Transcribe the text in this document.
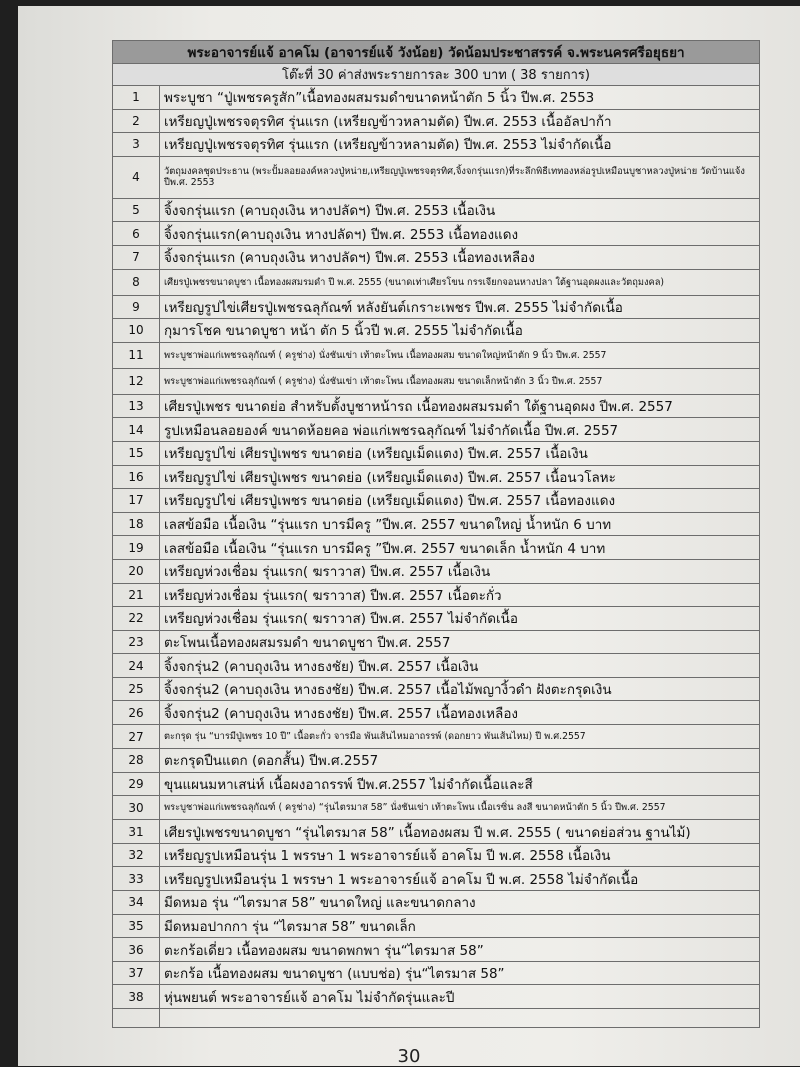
พระอาจารย์แจ้ อาคโม (อาจารย์แจ้ วังน้อย) วัดน้อมประชาสรรค์ จ.พระนครศรีอยุธยา	
โต๊ะที่ 30 ค่าส่งพระรายการละ 300 บาท ( 38 รายการ)	
1	พระบูชา “ปู่เพชรครูสัก”เนื้อทองผสมรมดำขนาดหน้าตัก 5 นิ้ว ปีพ.ศ. 2553
2	เหรียญปู่เพชรจตุรทิศ รุ่นแรก (เหรียญข้าวหลามตัด) ปีพ.ศ. 2553 เนื้ออัลปาก้า
3	เหรียญปู่เพชรจตุรทิศ รุ่นแรก (เหรียญข้าวหลามตัด) ปีพ.ศ. 2553 ไม่จำกัดเนื้อ
4	วัตถุมงคลชุดประธาน (พระปั้มลอยองค์หลวงปู่หน่าย,เหรียญปู่เพชรจตุรทิศ,จิ้งจกรุ่นแรก)ที่ระลึกพิธีเททองหล่อรูปเหมือนบูชาหลวงปู่หน่าย วัดบ้านแจ้ง ปีพ.ศ. 2553
5	จิ้งจกรุ่นแรก (คาบถุงเงิน หางปลัดฯ) ปีพ.ศ. 2553 เนื้อเงิน
6	จิ้งจกรุ่นแรก(คาบถุงเงิน หางปลัดฯ) ปีพ.ศ. 2553 เนื้อทองแดง
7	จิ้งจกรุ่นแรก (คาบถุงเงิน หางปลัดฯ) ปีพ.ศ. 2553 เนื้อทองเหลือง
8	เศียรปู่เพชรขนาดบูชา เนื้อทองผสมรมดำ ปี พ.ศ. 2555 (ขนาดเท่าเศียรโขน กรรเจียกจอนหางปลา ใต้ฐานอุดผงและวัตถุมงคล)
9	เหรียญรูปไข่เศียรปู่เพชรฉลุกัณฑ์ หลังยันต์เกราะเพชร ปีพ.ศ. 2555 ไม่จำกัดเนื้อ
10	กุมารโชค ขนาดบูชา หน้า ตัก 5 นิ้วปี พ.ศ. 2555 ไม่จำกัดเนื้อ
11	พระบูชาพ่อแก่เพชรฉลุกัณฑ์ ( ครูช่าง) นั่งชันเข่า เท้าตะโพน เนื้อทองผสม ขนาดใหญ่หน้าตัก 9 นิ้ว ปีพ.ศ. 2557
12	พระบูชาพ่อแก่เพชรฉลุกัณฑ์ ( ครูช่าง) นั่งชันเข่า เท้าตะโพน เนื้อทองผสม ขนาดเล็กหน้าตัก 3 นิ้ว ปีพ.ศ. 2557
13	เศียรปู่เพชร ขนาดย่อ สำหรับตั้งบูชาหน้ารถ เนื้อทองผสมรมดำ ใต้ฐานอุดผง ปีพ.ศ. 2557
14	รูปเหมือนลอยองค์ ขนาดห้อยคอ พ่อแก่เพชรฉลุกัณฑ์ ไม่จำกัดเนื้อ ปีพ.ศ. 2557
15	เหรียญรูปไข่ เศียรปู่เพชร ขนาดย่อ (เหรียญเม็ดแตง) ปีพ.ศ. 2557 เนื้อเงิน
16	เหรียญรูปไข่ เศียรปู่เพชร ขนาดย่อ (เหรียญเม็ดแตง) ปีพ.ศ. 2557 เนื้อนวโลหะ
17	เหรียญรูปไข่ เศียรปู่เพชร ขนาดย่อ (เหรียญเม็ดแตง) ปีพ.ศ. 2557 เนื้อทองแดง
18	เลสข้อมือ เนื้อเงิน “รุ่นแรก บารมีครู ”ปีพ.ศ. 2557 ขนาดใหญ่ น้ำหนัก 6 บาท
19	เลสข้อมือ เนื้อเงิน “รุ่นแรก บารมีครู ”ปีพ.ศ. 2557 ขนาดเล็ก น้ำหนัก 4 บาท
20	เหรียญห่วงเชื่อม รุ่นแรก( ฆราวาส) ปีพ.ศ. 2557 เนื้อเงิน
21	เหรียญห่วงเชื่อม รุ่นแรก( ฆราวาส) ปีพ.ศ. 2557 เนื้อตะกั่ว
22	เหรียญห่วงเชื่อม รุ่นแรก( ฆราวาส) ปีพ.ศ. 2557 ไม่จำกัดเนื้อ
23	ตะโพนเนื้อทองผสมรมดำ ขนาดบูชา ปีพ.ศ. 2557
24	จิ้งจกรุ่น2 (คาบถุงเงิน หางธงชัย) ปีพ.ศ. 2557 เนื้อเงิน
25	จิ้งจกรุ่น2 (คาบถุงเงิน หางธงชัย) ปีพ.ศ. 2557 เนื้อไม้พญางิ้วดำ ฝังตะกรุดเงิน
26	จิ้งจกรุ่น2 (คาบถุงเงิน หางธงชัย) ปีพ.ศ. 2557 เนื้อทองเหลือง
27	ตะกรุด รุ่น “บารมีปู่เพชร 10 ปี” เนื้อตะกั่ว จารมือ พันเส้นไหมอาถรรพ์ (ดอกยาว พันเส้นไหม) ปี พ.ศ.2557
28	ตะกรุดปืนแตก (ดอกสั้น) ปีพ.ศ.2557
29	ขุนแผนมหาเสน่ห์ เนื้อผงอาถรรพ์ ปีพ.ศ.2557 ไม่จำกัดเนื้อและสี
30	พระบูชาพ่อแก่เพชรฉลุกัณฑ์ ( ครูช่าง) “รุ่นไตรมาส 58” นั่งชันเข่า เท้าตะโพน เนื้อเรซิ่น ลงสี ขนาดหน้าตัก 5 นิ้ว ปีพ.ศ. 2557
31	เศียรปู่เพชรขนาดบูชา “รุ่นไตรมาส 58” เนื้อทองผสม ปี พ.ศ. 2555 ( ขนาดย่อส่วน ฐานไม้)
32	เหรียญรูปเหมือนรุ่น 1 พรรษา 1 พระอาจารย์แจ้ อาคโม ปี พ.ศ. 2558 เนื้อเงิน
33	เหรียญรูปเหมือนรุ่น 1 พรรษา 1 พระอาจารย์แจ้ อาคโม ปี พ.ศ. 2558 ไม่จำกัดเนื้อ
34	มีดหมอ รุ่น “ไตรมาส 58” ขนาดใหญ่ และขนาดกลาง
35	มีดหมอปากกา รุ่น “ไตรมาส 58” ขนาดเล็ก
36	ตะกร้อเดี่ยว เนื้อทองผสม ขนาดพกพา รุ่น“ไตรมาส 58”
37	ตะกร้อ เนื้อทองผสม ขนาดบูชา (แบบช่อ) รุ่น“ไตรมาส 58”
38	หุ่นพยนต์ พระอาจารย์แจ้ อาคโม ไม่จำกัดรุ่นและปี

30
